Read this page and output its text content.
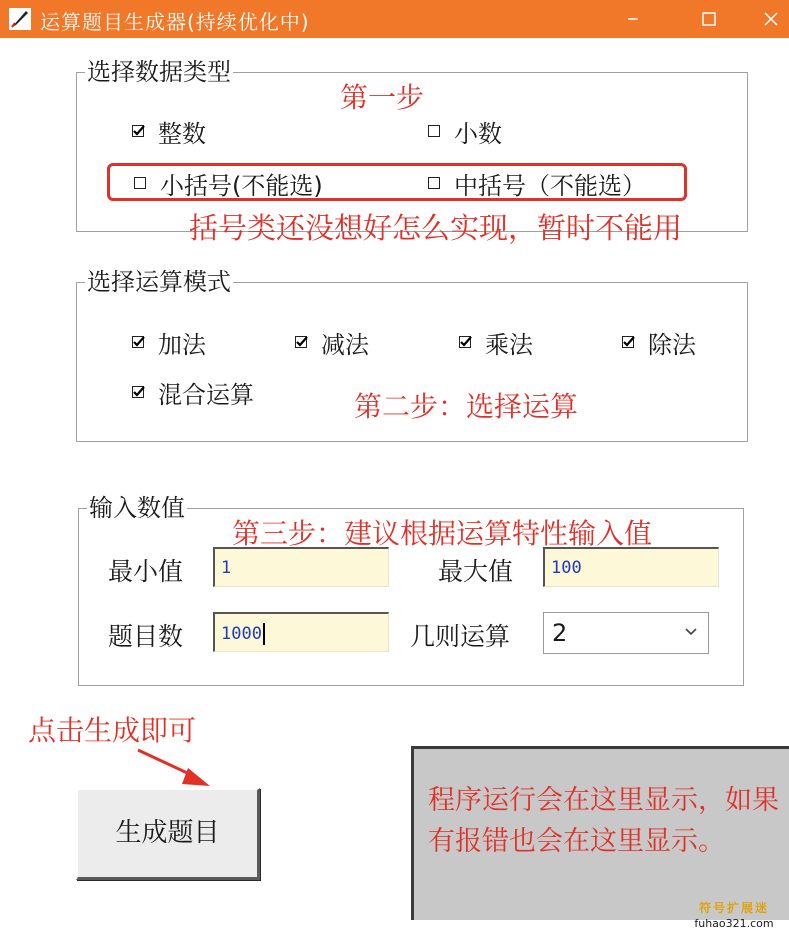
运算题目生成器(持续优化中)
选择数据类型
整数	小数
小括号(不能选)	中括号（不能选）
选择运算模式
加法	减法	乘法	除法
混合运算
输入数值
最小值	1	最大值	100
题目数	1000	几则运算	2
生成题目
第一步
括号类还没想好怎么实现，暂时不能用
第二步：选择运算
第三步：建议根据运算特性输入值
点击生成即可
程序运行会在这里显示，如果有报错也会在这里显示。
符号扩展迷
fuhao321.com
